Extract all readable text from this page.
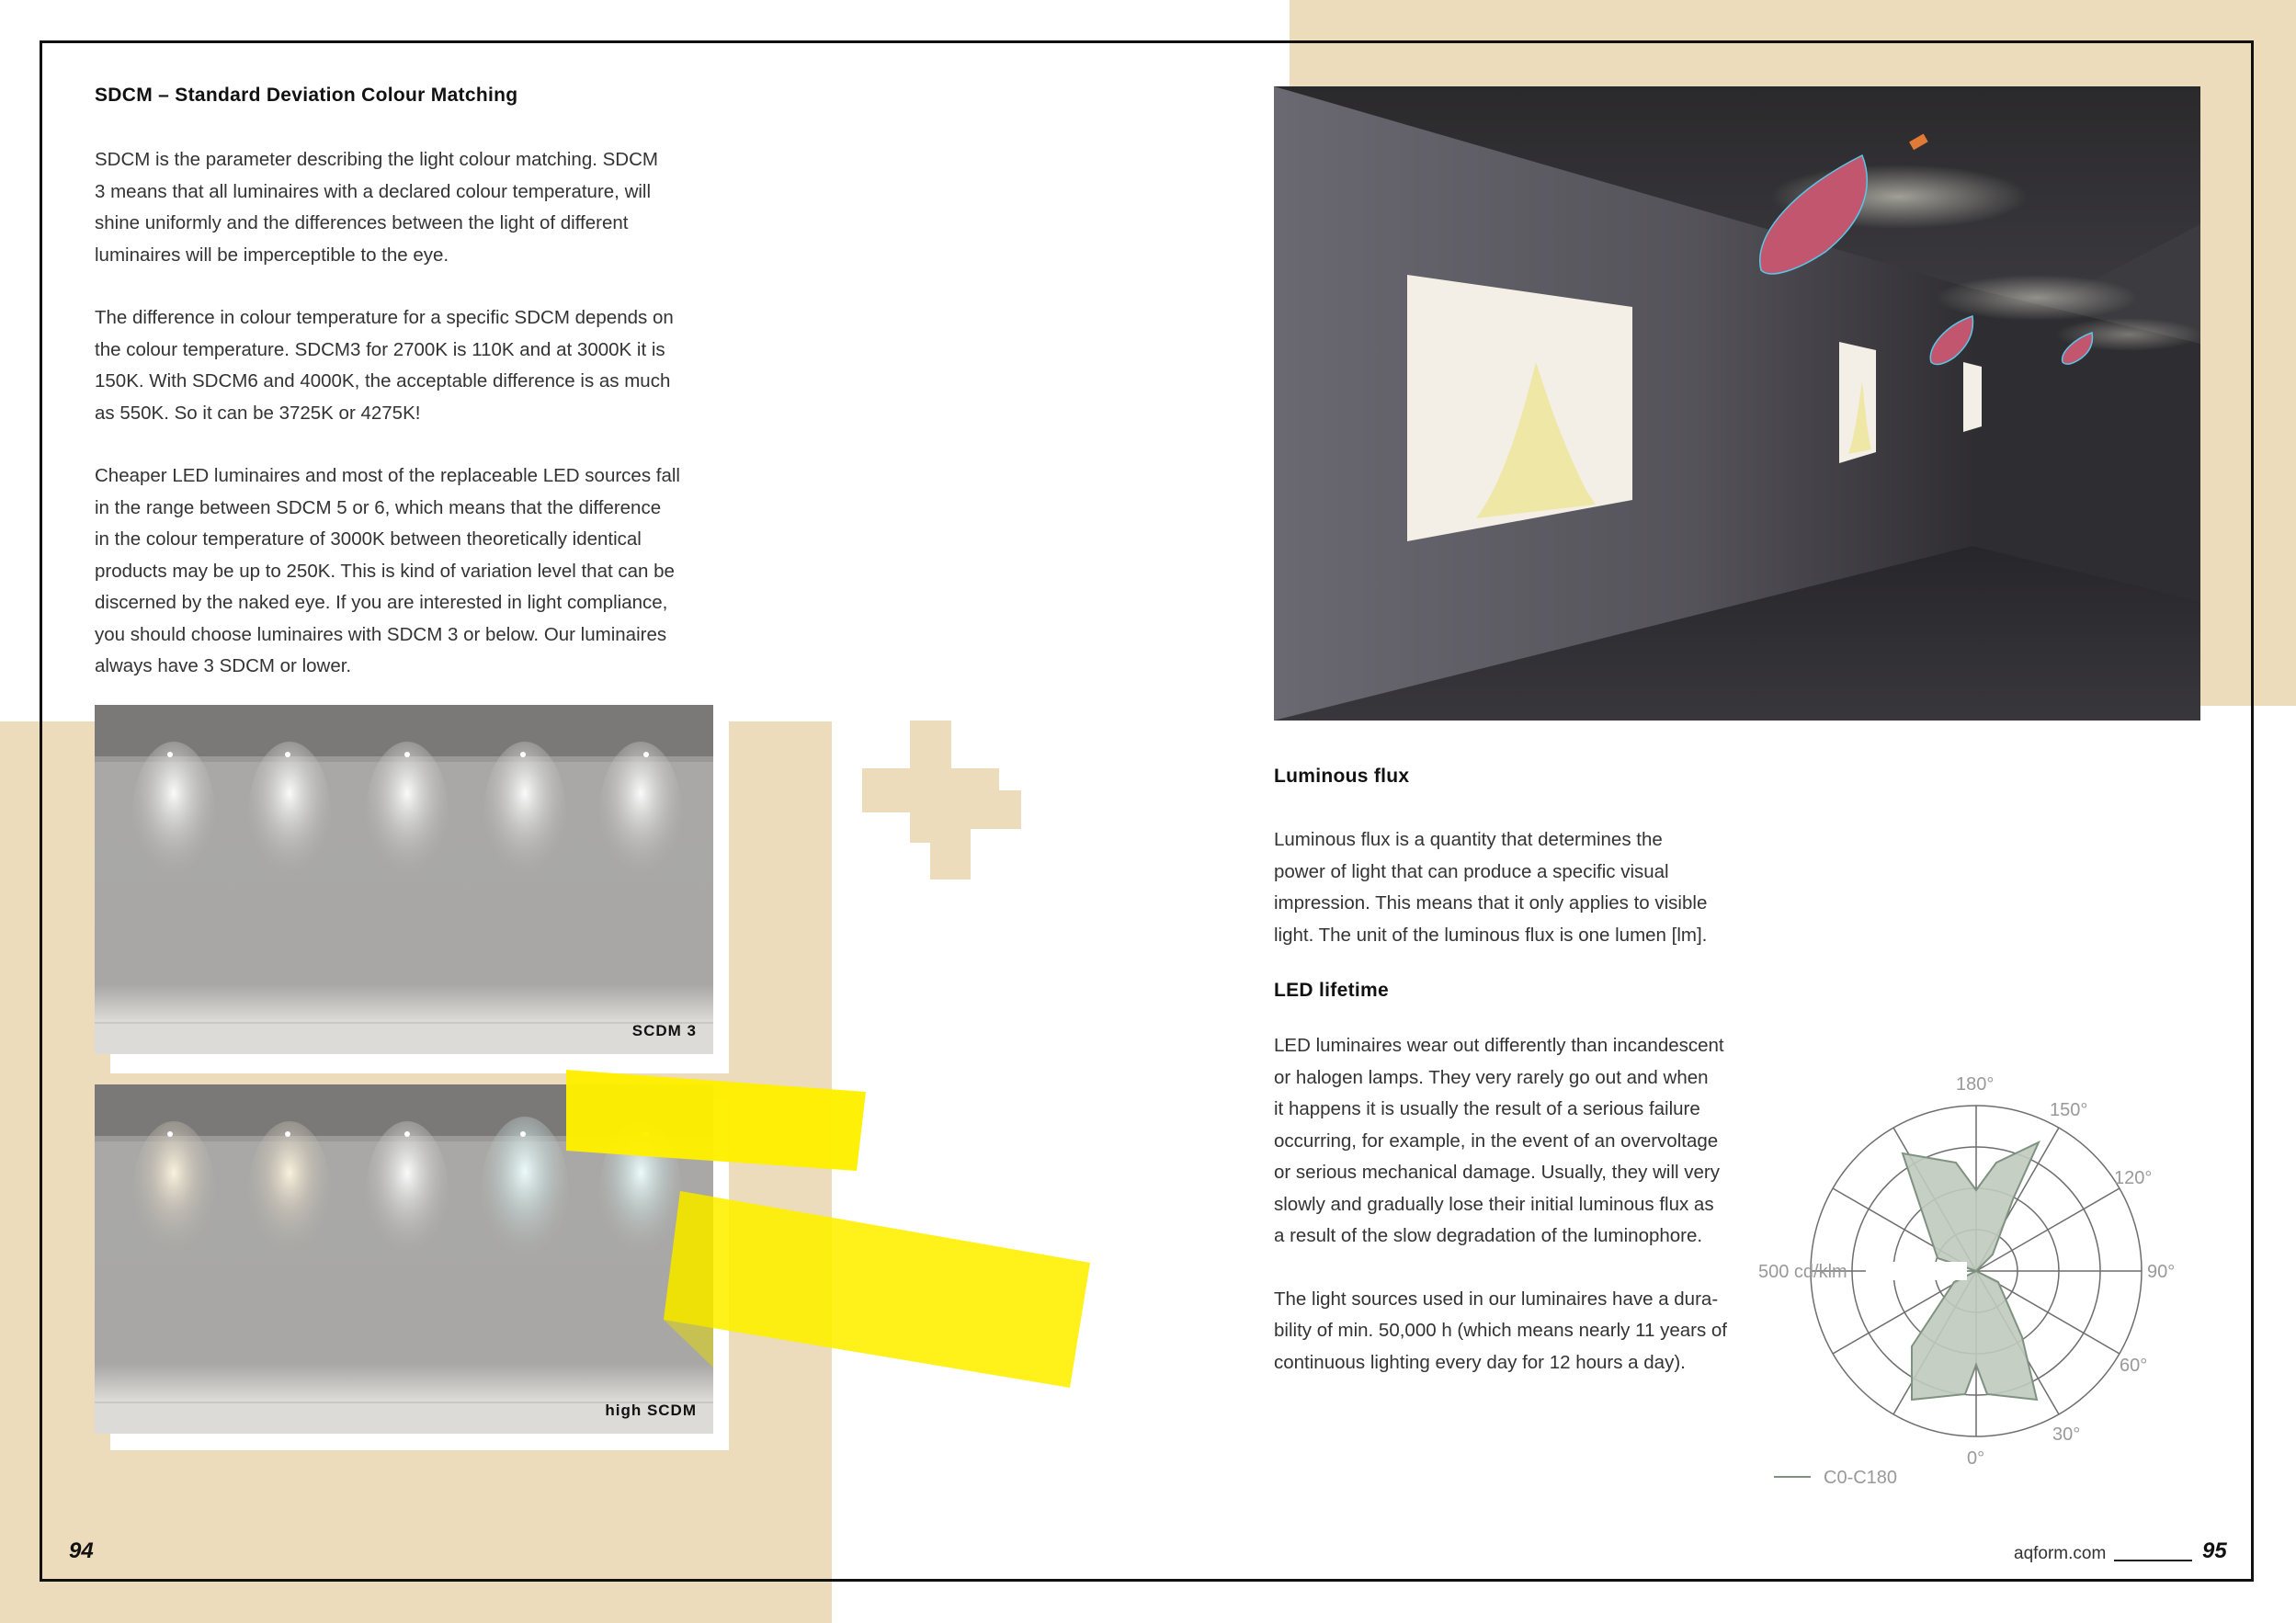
SDCM – Standard Deviation Colour Matching

SDCM is the parameter describing the light colour matching. SDCM

3 means that all luminaires with a declared colour temperature, will

shine uniformly and the differences between the light of different

luminaires will be imperceptible to the eye.

The difference in colour temperature for a specific SDCM depends on

the colour temperature. SDCM3 for 2700K is 110K and at 3000K it is

150K. With SDCM6 and 4000K, the acceptable difference is as much

as 550K. So it can be 3725K or 4275K!

Cheaper LED luminaires and most of the replaceable LED sources fall

in the range between SDCM 5 or 6, which means that the difference

in the colour temperature of 3000K between theoretically identical

products may be up to 250K. This is kind of variation level that can be

discerned by the naked eye. If you are interested in light compliance,

you should choose luminaires with SDCM 3 or below. Our luminaires

always have 3 SDCM or lower.

SCDM 3
high SCDM
Luminous flux

Luminous flux is a quantity that determines the

power of light that can produce a specific visual

impression. This means that it only applies to visible

light. The unit of the luminous flux is one lumen [lm].

LED lifetime

LED luminaires wear out differently than incandescent

or halogen lamps. They very rarely go out and when

it happens it is usually the result of a serious failure

occurring, for example, in the event of an overvoltage

or serious mechanical damage. Usually, they will very

slowly and gradually lose their initial luminous flux as

a result of the slow degradation of the luminophore.

The light sources used in our luminaires have a dura-

bility of min. 50,000 h (which means nearly 11 years of

continuous lighting every day for 12 hours a day).

180°
150°
120°
90°
60°
30°
0°
500 cd/klm
C0-C180
94	aqform.com	95
